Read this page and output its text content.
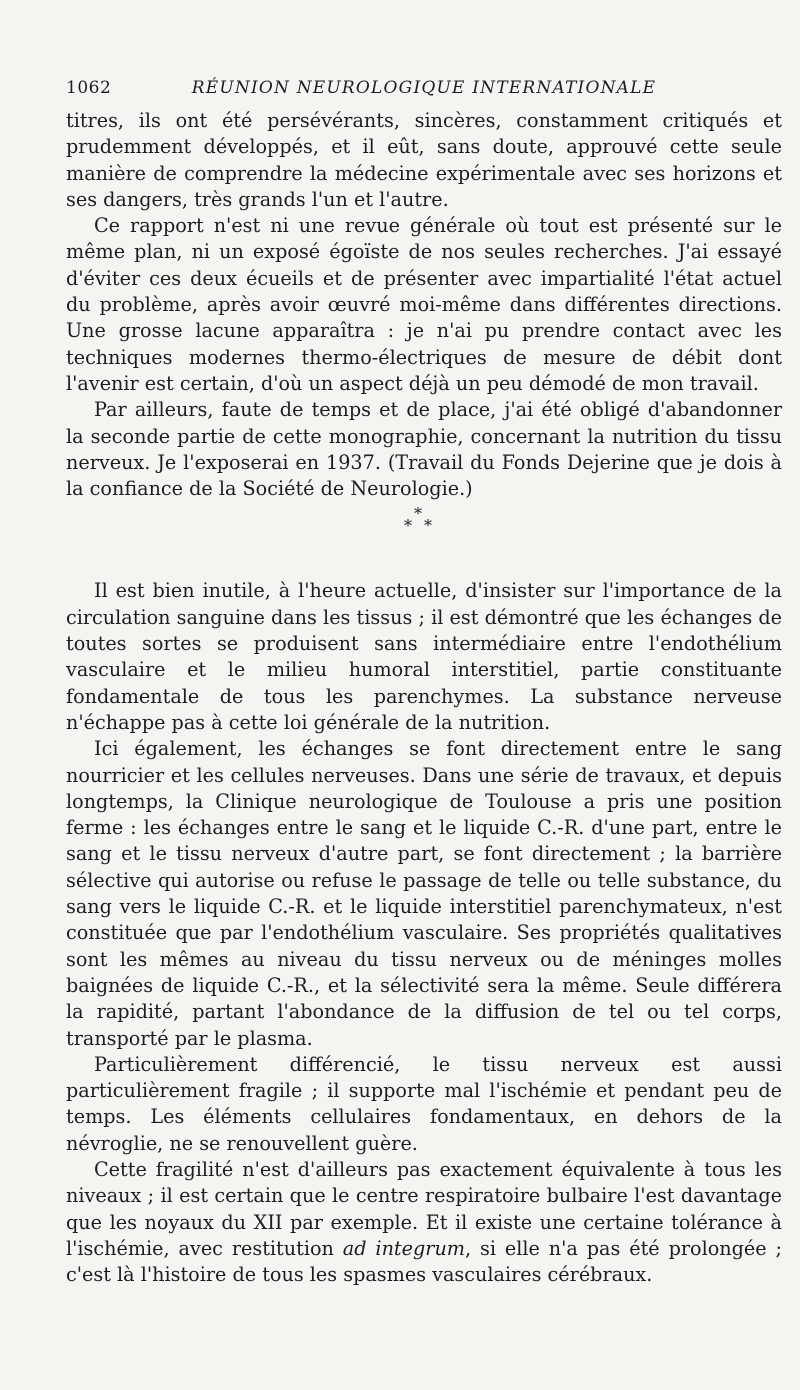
1062	RÉUNION NEUROLOGIQUE INTERNATIONALE

titres, ils ont été persévérants, sincères, constamment critiqués et prudemment développés, et il eût, sans doute, approuvé cette seule manière de comprendre la médecine expérimentale avec ses horizons et ses dangers, très grands l'un et l'autre.

Ce rapport n'est ni une revue générale où tout est présenté sur le même plan, ni un exposé égoïste de nos seules recherches. J'ai essayé d'éviter ces deux écueils et de présenter avec impartialité l'état actuel du problème, après avoir œuvré moi-même dans différentes directions. Une grosse lacune apparaîtra : je n'ai pu prendre contact avec les techniques modernes thermo-électriques de mesure de débit dont l'avenir est certain, d'où un aspect déjà un peu démodé de mon travail.

Par ailleurs, faute de temps et de place, j'ai été obligé d'abandonner la seconde partie de cette monographie, concernant la nutrition du tissu nerveux. Je l'exposerai en 1937. (Travail du Fonds Dejerine que je dois à la confiance de la Société de Neurologie.)

*
* *

Il est bien inutile, à l'heure actuelle, d'insister sur l'importance de la circulation sanguine dans les tissus ; il est démontré que les échanges de toutes sortes se produisent sans intermédiaire entre l'endothélium vasculaire et le milieu humoral interstitiel, partie constituante fondamentale de tous les parenchymes. La substance nerveuse n'échappe pas à cette loi générale de la nutrition.

Ici également, les échanges se font directement entre le sang nourricier et les cellules nerveuses. Dans une série de travaux, et depuis longtemps, la Clinique neurologique de Toulouse a pris une position ferme : les échanges entre le sang et le liquide C.-R. d'une part, entre le sang et le tissu nerveux d'autre part, se font directement ; la barrière sélective qui autorise ou refuse le passage de telle ou telle substance, du sang vers le liquide C.-R. et le liquide interstitiel parenchymateux, n'est constituée que par l'endothélium vasculaire. Ses propriétés qualitatives sont les mêmes au niveau du tissu nerveux ou de méninges molles baignées de liquide C.-R., et la sélectivité sera la même. Seule différera la rapidité, partant l'abondance de la diffusion de tel ou tel corps, transporté par le plasma.

Particulièrement différencié, le tissu nerveux est aussi particulièrement fragile ; il supporte mal l'ischémie et pendant peu de temps. Les éléments cellulaires fondamentaux, en dehors de la névroglie, ne se renouvellent guère.

Cette fragilité n'est d'ailleurs pas exactement équivalente à tous les niveaux ; il est certain que le centre respiratoire bulbaire l'est davantage que les noyaux du XII par exemple. Et il existe une certaine tolérance à l'ischémie, avec restitution ad integrum, si elle n'a pas été prolongée ; c'est là l'histoire de tous les spasmes vasculaires cérébraux.
